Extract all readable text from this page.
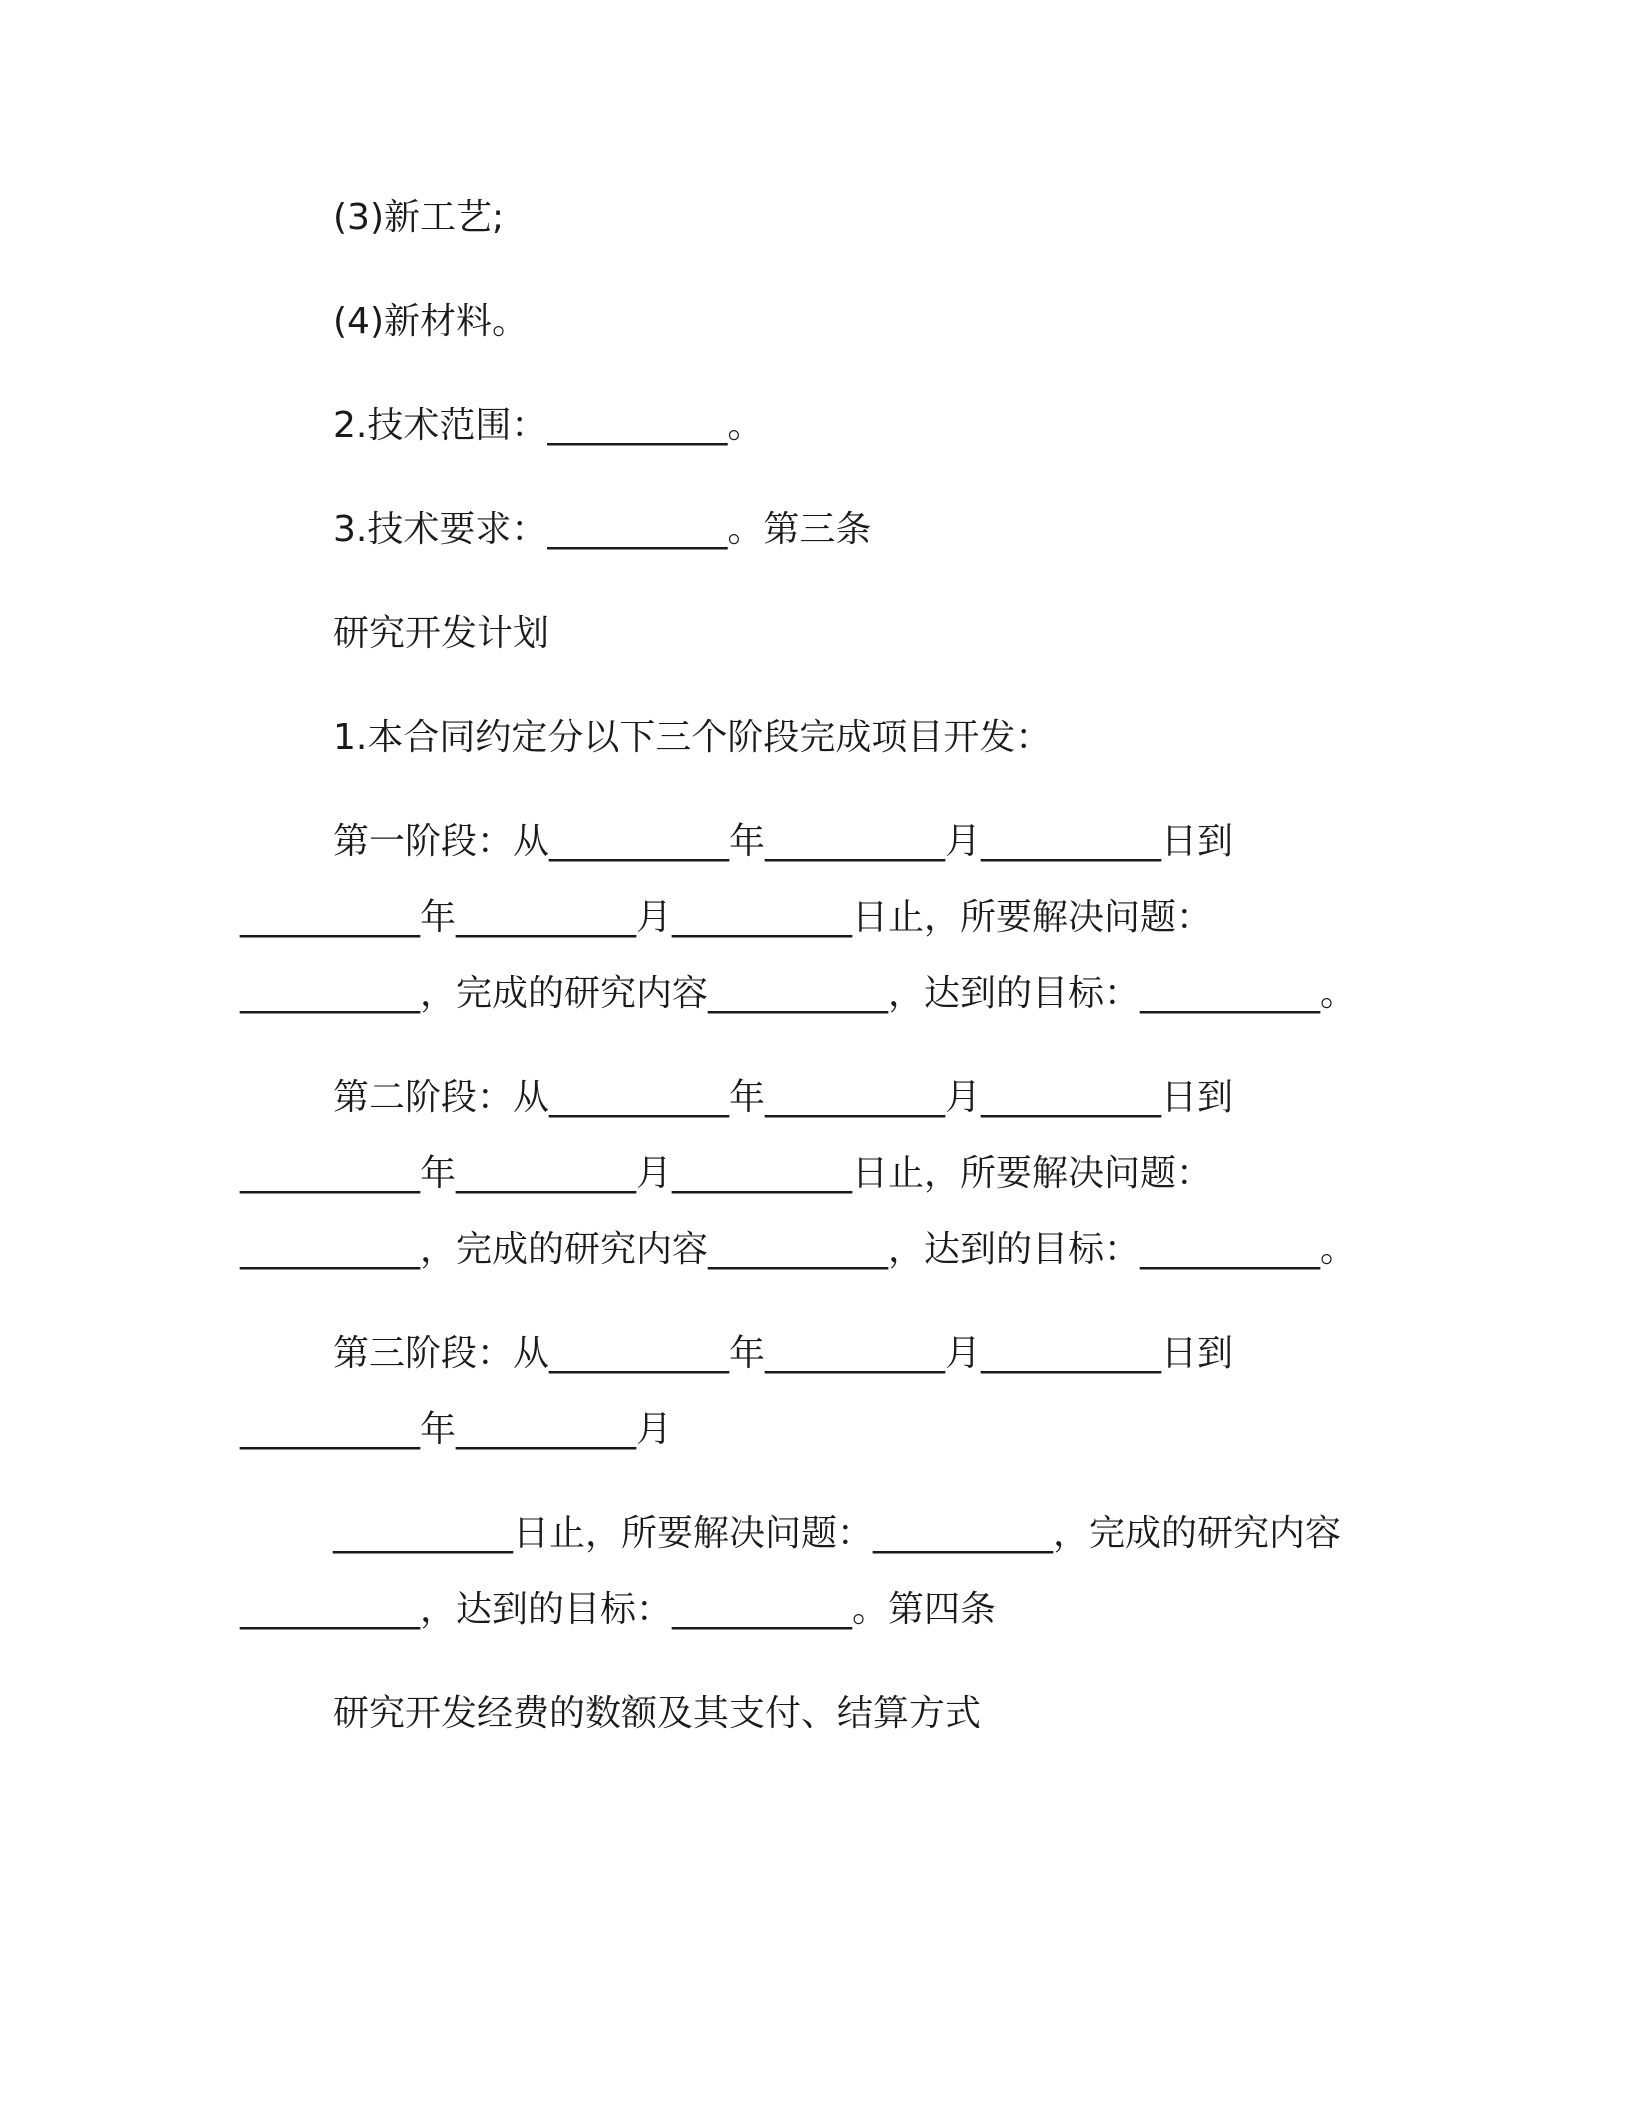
(3)新工艺;
(4)新材料。
2.技术范围：__________。
3.技术要求：__________。第三条
研究开发计划
1.本合同约定分以下三个阶段完成项目开发：
第一阶段：从__________年__________月__________日到
__________年__________月__________日止，所要解决问题：
__________，完成的研究内容__________，达到的目标：__________。
第二阶段：从__________年__________月__________日到
__________年__________月__________日止，所要解决问题：
__________，完成的研究内容__________，达到的目标：__________。
第三阶段：从__________年__________月__________日到
__________年__________月
__________日止，所要解决问题：__________，完成的研究内容
__________，达到的目标：__________。第四条
研究开发经费的数额及其支付、结算方式
